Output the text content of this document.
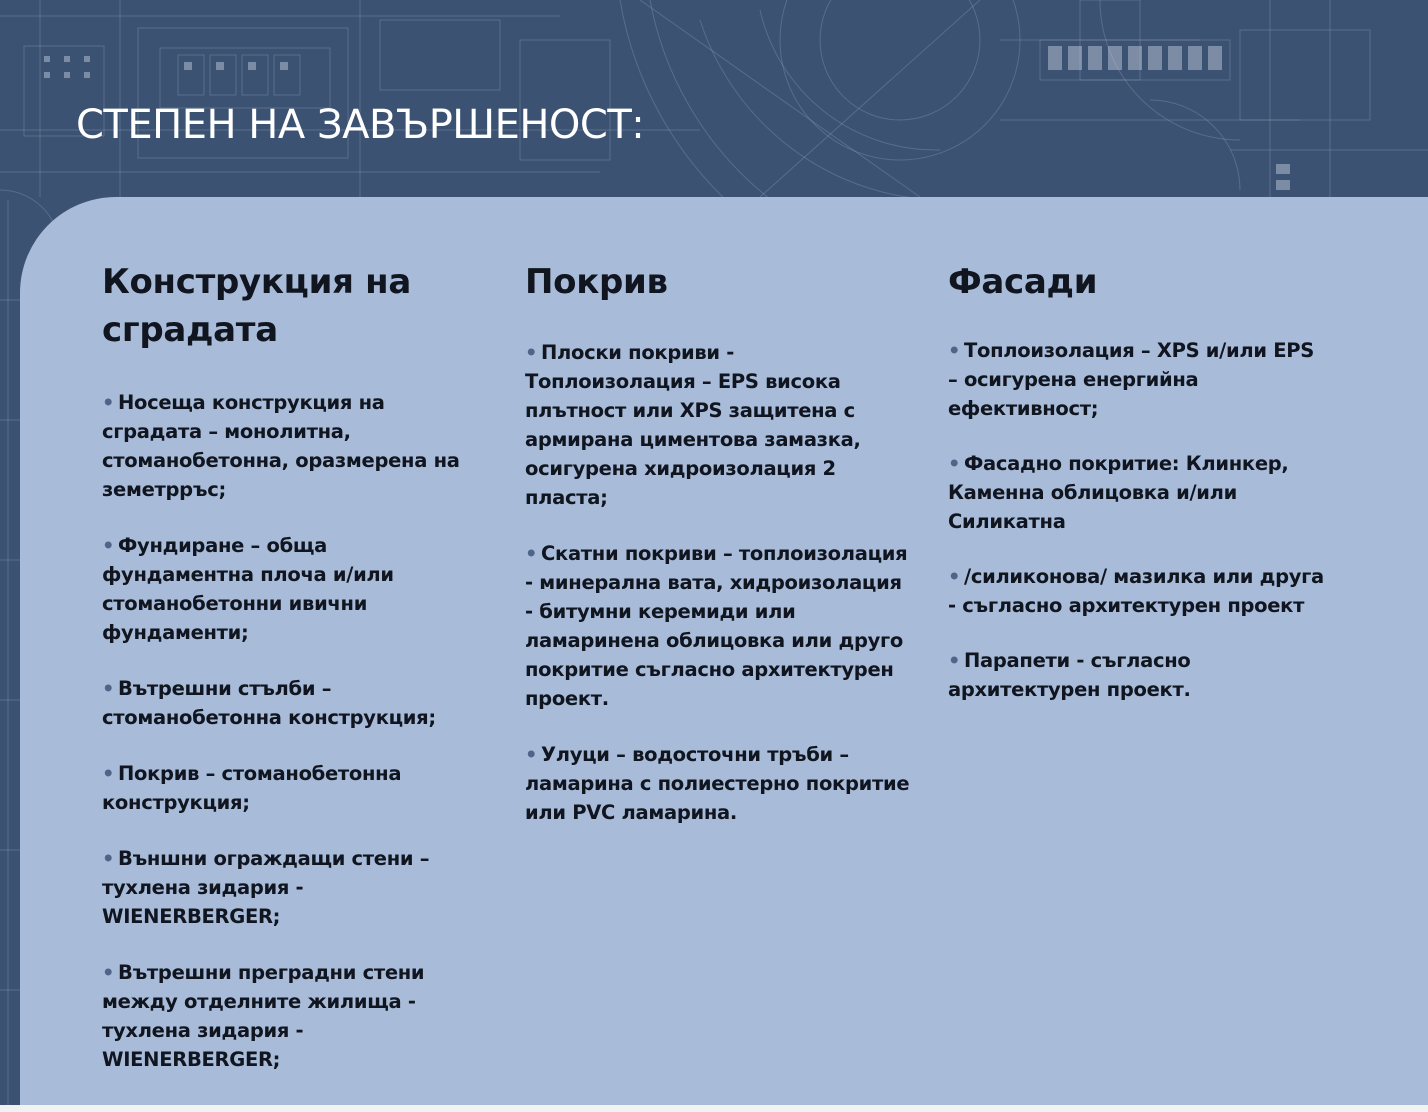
СТЕПЕН НА ЗАВЪРШЕНОСТ:
Конструкция на сградата
• Носеща конструкция на сградата – монолитна, стоманобетонна, оразмерена на земетрръс;
• Фундиране – обща фундаментна плоча и/или стоманобетонни ивични фундаменти;
• Вътрешни стълби – стоманобетонна конструкция;
• Покрив – стоманобетонна конструкция;
• Външни ограждащи стени – тухлена зидария - WIENERBERGER;
• Вътрешни преградни стени между отделните жилища - тухлена зидария - WIENERBERGER;
Покрив
• Плоски покриви - Топлоизолация – EPS висока плътност или XPS защитена с армирана циментова замазка, осигурена хидроизолация 2 пласта;
• Скатни покриви – топлоизолация - минерална вата, хидроизолация - битумни керемиди или ламаринена облицовка или друго покритие съгласно архитектурен проект.
• Улуци – водосточни тръби – ламарина с полиестерно покритие или PVC ламарина.
Фасади
• Топлоизолация – XPS и/или EPS – осигурена енергийна ефективност;
• Фасадно покритие: Клинкер, Каменна облицовка и/или Силикатна
• /силиконова/ мазилка или друга - съгласно архитектурен проект
• Парапети - съгласно архитектурен проект.
